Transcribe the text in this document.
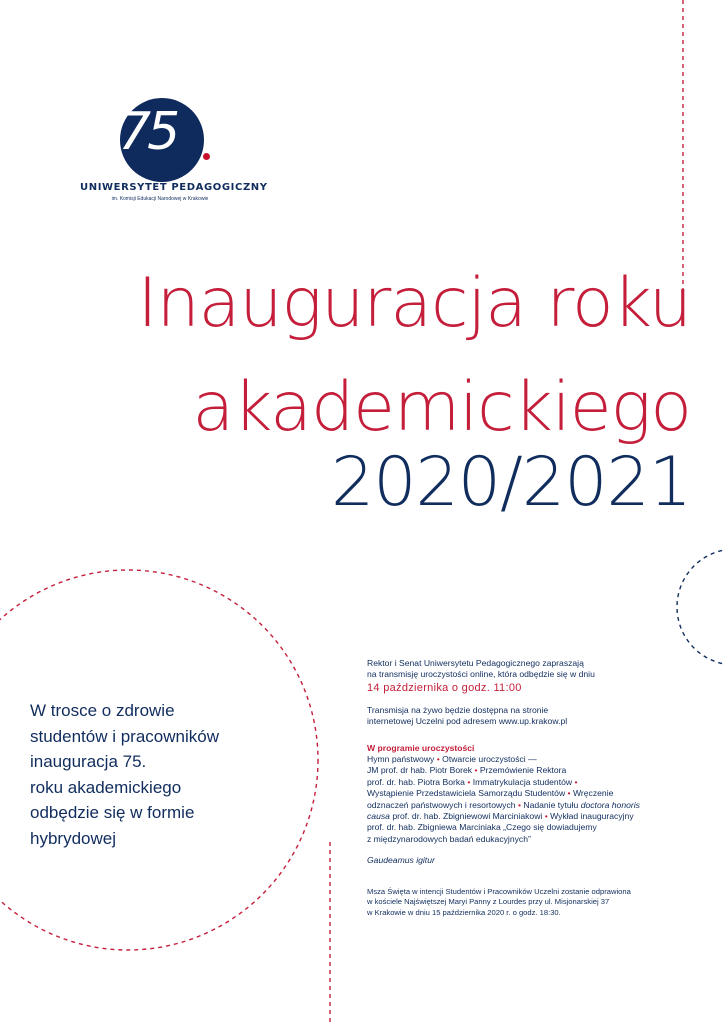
75
UNIWERSYTET PEDAGOGICZNY
im. Komisji Edukacji Narodowej w Krakowie
Inauguracja roku
akademickiego
2020/2021
W trosce o zdrowie
studentów i pracowników
inauguracja 75.
roku akademickiego
odbędzie się w formie
hybrydowej

Rektor i Senat Uniwersytetu Pedagogicznego zapraszają

na transmisję uroczystości online, która odbędzie się w dniu

14 października o godz. 11:00

Transmisja na żywo będzie dostępna na stronie

internetowej Uczelni pod adresem www.up.krakow.pl

W programie uroczystości

Hymn państwowy • Otwarcie uroczystości —

JM prof. dr hab. Piotr Borek • Przemówienie Rektora

prof. dr. hab. Piotra Borka • Immatrykulacja studentów •

Wystąpienie Przedstawiciela Samorządu Studentów • Wręczenie

odznaczeń państwowych i resortowych • Nadanie tytułu doctora honoris

causa prof. dr. hab. Zbigniewowi Marciniakowi • Wykład inauguracyjny

prof. dr. hab. Zbigniewa Marciniaka „Czego się dowiadujemy

z międzynarodowych badań edukacyjnych”

Gaudeamus igitur

Msza Święta w intencji Studentów i Pracowników Uczelni zostanie odprawiona

w kościele Najświętszej Maryi Panny z Lourdes przy ul. Misjonarskiej 37

w Krakowie w dniu 15 października 2020 r. o godz. 18:30.
